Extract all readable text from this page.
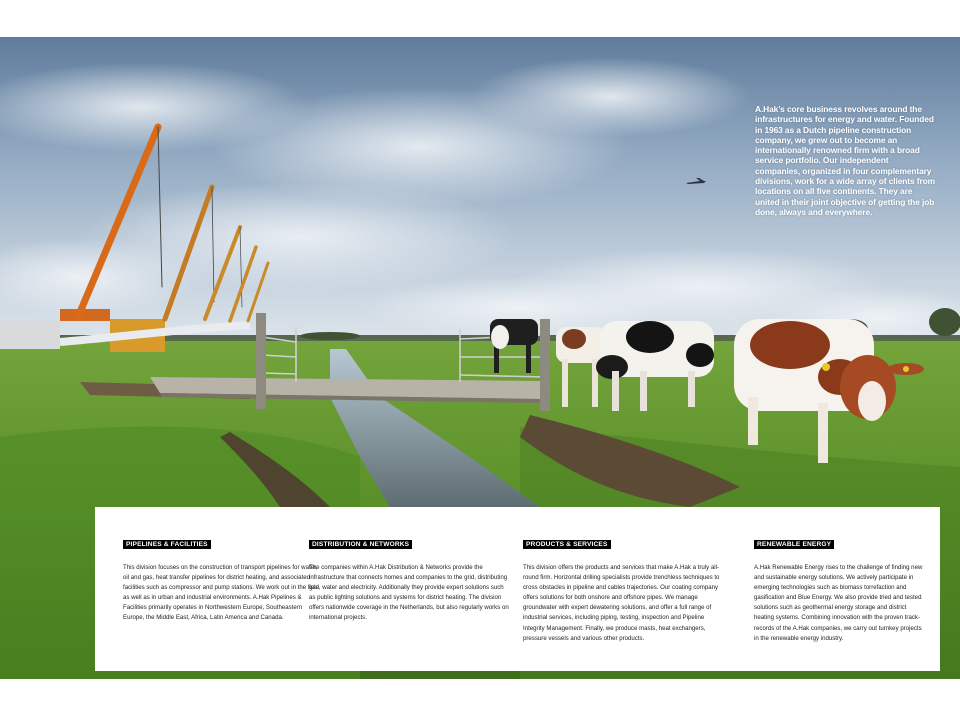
A.Hak’s core business revolves around the infrastructures for energy and water. Founded in 1963 as a Dutch pipeline construction company, we grew out to become an internationally renowned firm with a broad service portfolio. Our independent companies, organized in four complementary divisions, work for a wide array of clients from locations on all five continents. They are united in their joint objective of getting the job done, always and everywhere.
PIPELINES & FACILITIES
This division focuses on the construction of transport pipelines for water, oil and gas, heat transfer pipelines for district heating, and associated facilities such as compressor and pump stations. We work out in the field as well as in urban and industrial environments. A.Hak Pipelines & Facilities primarily operates in Northwestern Europe, Southeastern Europe, the Middle East, Africa, Latin America and Canada.
DISTRIBUTION & NETWORKS
The companies within A.Hak Distribution & Networks provide the infrastructure that connects homes and companies to the grid, distributing gas, water and electricity. Additionally they provide expert solutions such as public lighting solutions and systems for district heating. The division offers nationwide coverage in the Netherlands, but also regularly works on international projects.
PRODUCTS & SERVICES
This division offers the products and services that make A.Hak a truly all-round firm. Horizontal drilling specialists provide trenchless techniques to cross obstacles in pipeline and cables trajectories. Our coating company offers solutions for both onshore and offshore pipes. We manage groundwater with expert dewatering solutions, and offer a full range of industrial services, including piping, testing, inspection and Pipeline Integrity Management. Finally, we produce masts, heat exchangers, pressure vessels and various other products.
RENEWABLE ENERGY
A.Hak Renewable Energy rises to the challenge of finding new and sustainable energy solutions. We actively participate in emerging technologies such as biomass torrefaction and gasification and Blue Energy. We also provide tried and tested solutions such as geothermal energy storage and district heating systems. Combining innovation with the proven track-records of the A.Hak companies, we carry out turnkey projects in the renewable energy industry.
